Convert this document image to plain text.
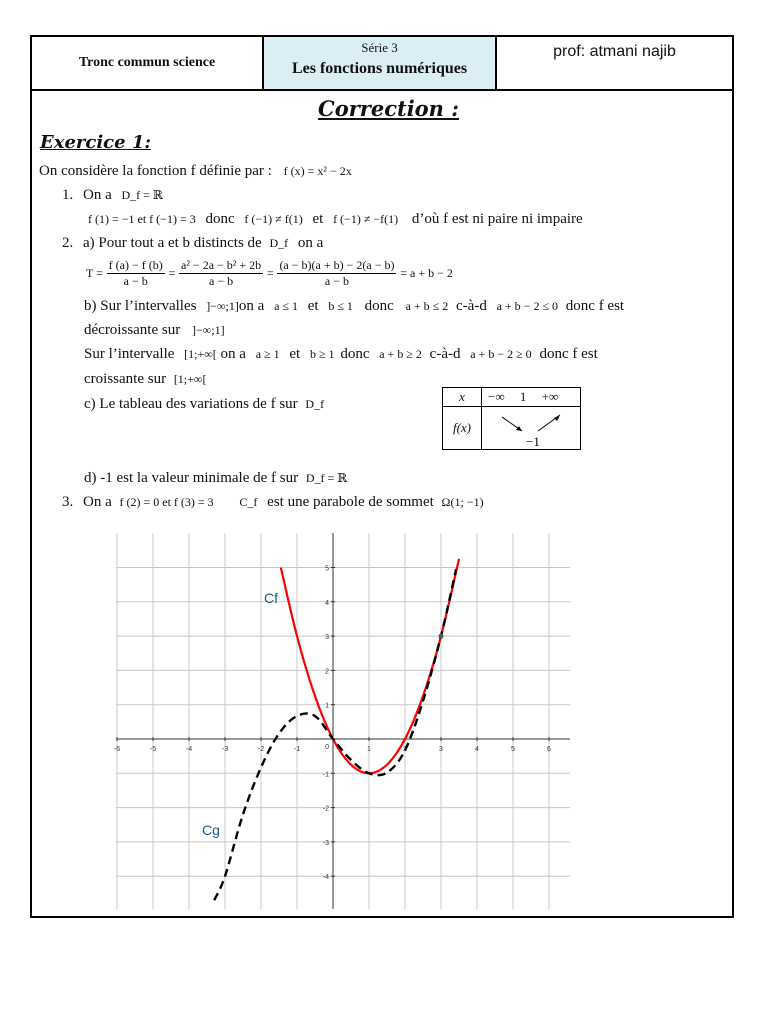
Tronc commun science
Série 3
Les fonctions numériques
prof: atmani najib
Correction :
Exercice 1:
On considère la fonction f définie par : f (x) = x² − 2x
1. On a D_f = ℝ
f (1) = −1 et f (−1) = 3 donc f (−1) ≠ f(1) et f (−1) ≠ −f(1) d’où f est ni paire ni impaire
2. a) Pour tout a et b distincts de D_f on a
$T = \frac{f (a) - f (b)}{a - b} = \frac{\text{a² − 2a − b² + 2b}}{a - b} = \frac{(a - b)(a + b) - 2(a - b)}{a - b} = a + b - 2$
b) Sur l’intervalles ]−∞;1]on a a ≤ 1 et b ≤ 1 donc a + b ≤ 2 c-à-d a + b − 2 ≤ 0 donc f est
décroissante sur ]−∞;1]
Sur l’intervalle [1;+∞[ on a a ≥ 1 et b ≥ 1 donc a + b ≥ 2 c-à-d a + b − 2 ≥ 0 donc f est
croissante sur [1;+∞[
c) Le tableau des variations de f sur D_f	x	−∞ 1 +∞
f(x)	−1
d) -1 est la valeur minimale de f sur D_f = ℝ
3. On a f (2) = 0 et f (3) = 3 C_f est une parabole de sommet Ω(1; −1)
-6	-5	-4	-3	-2	-1	1	2	3	4	5	6
-4
-3
-2
-1
1
2
3
4
5
0
Cf
Cg
